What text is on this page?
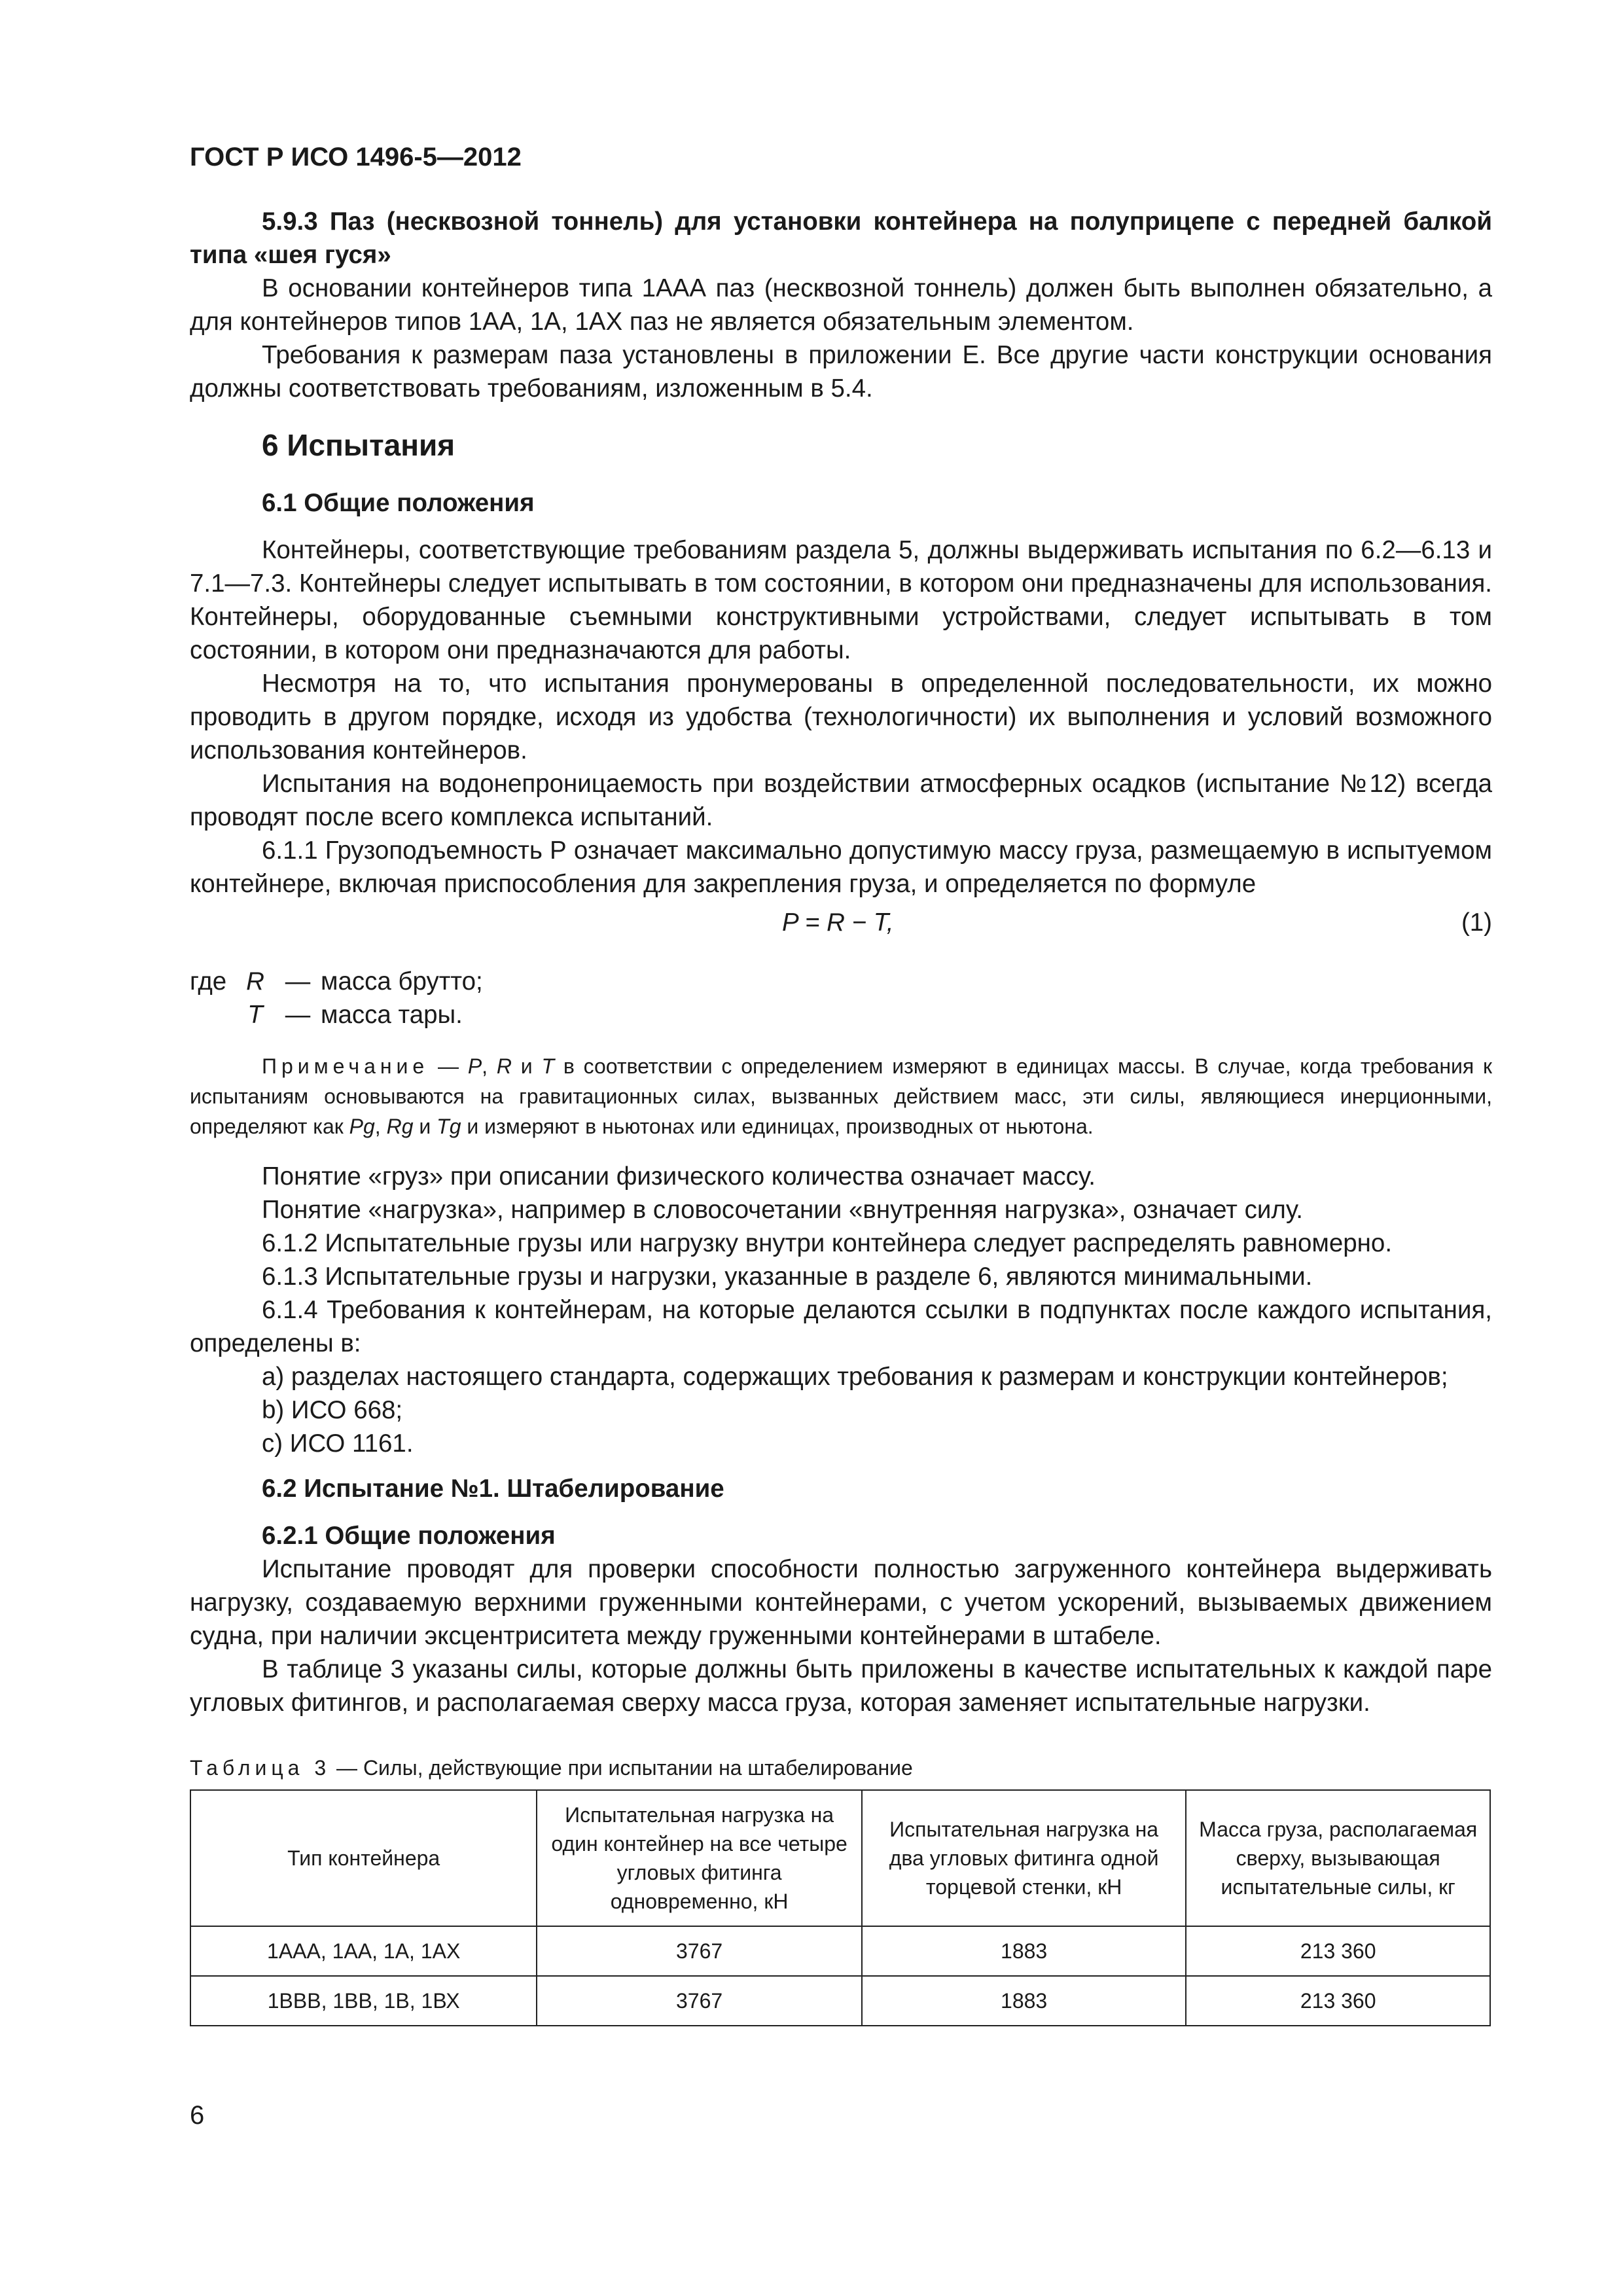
ГОСТ Р ИСО 1496-5—2012

5.9.3 Паз (несквозной тоннель) для установки контейнера на полуприцепе с передней балкой типа «шея гуся»

В основании контейнеров типа 1ААА паз (несквозной тоннель) должен быть выполнен обязательно, а для контейнеров типов 1АА, 1А, 1АХ паз не является обязательным элементом.

Требования к размерам паза установлены в приложении Е. Все другие части конструкции основания должны соответствовать требованиям, изложенным в 5.4.

6 Испытания
6.1 Общие положения

Контейнеры, соответствующие требованиям раздела 5, должны выдерживать испытания по 6.2—6.13 и 7.1—7.3. Контейнеры следует испытывать в том состоянии, в котором они предназначены для использования. Контейнеры, оборудованные съемными конструктивными устройствами, следует испытывать в том состоянии, в котором они предназначаются для работы.

Несмотря на то, что испытания пронумерованы в определенной последовательности, их можно проводить в другом порядке, исходя из удобства (технологичности) их выполнения и условий возможного использования контейнеров.

Испытания на водонепроницаемость при воздействии атмосферных осадков (испытание №12) всегда проводят после всего комплекса испытаний.

6.1.1 Грузоподъемность Р означает максимально допустимую массу груза, размещаемую в испытуемом контейнере, включая приспособления для закрепления груза, и определяется по формуле

P = R − T,	(1)
где R — масса брутто;
T — масса тары.
Примечание — P, R и T в соответствии с определением измеряют в единицах массы. В случае, когда требования к испытаниям основываются на гравитационных силах, вызванных действием масс, эти силы, являющиеся инерционными, определяют как Pg, Rg и Tg и измеряют в ньютонах или единицах, производных от ньютона.

Понятие «груз» при описании физического количества означает массу.

Понятие «нагрузка», например в словосочетании «внутренняя нагрузка», означает силу.

6.1.2 Испытательные грузы или нагрузку внутри контейнера следует распределять равномерно.

6.1.3 Испытательные грузы и нагрузки, указанные в разделе 6, являются минимальными.

6.1.4 Требования к контейнерам, на которые делаются ссылки в подпунктах после каждого испытания, определены в:

a) разделах настоящего стандарта, содержащих требования к размерам и конструкции контейнеров;

b) ИСО 668;

c) ИСО 1161.

6.2 Испытание №1. Штабелирование

6.2.1 Общие положения

Испытание проводят для проверки способности полностью загруженного контейнера выдерживать нагрузку, создаваемую верхними груженными контейнерами, с учетом ускорений, вызываемых движением судна, при наличии эксцентриситета между груженными контейнерами в штабеле.

В таблице 3 указаны силы, которые должны быть приложены в качестве испытательных к каждой паре угловых фитингов, и располагаемая сверху масса груза, которая заменяет испытательные нагрузки.

Таблица 3 — Силы, действующие при испытании на штабелирование
Тип контейнера	Испытательная нагрузка на один контейнер на все четыре угловых фитинга одновременно, кН	Испытательная нагрузка на два угловых фитинга одной торцевой стенки, кН	Масса груза, располагаемая сверху, вызывающая испытательные силы, кг
1ААА, 1АА, 1А, 1АХ	3767	1883	213 360
1ВВВ, 1ВВ, 1В, 1ВХ	3767	1883	213 360
6
